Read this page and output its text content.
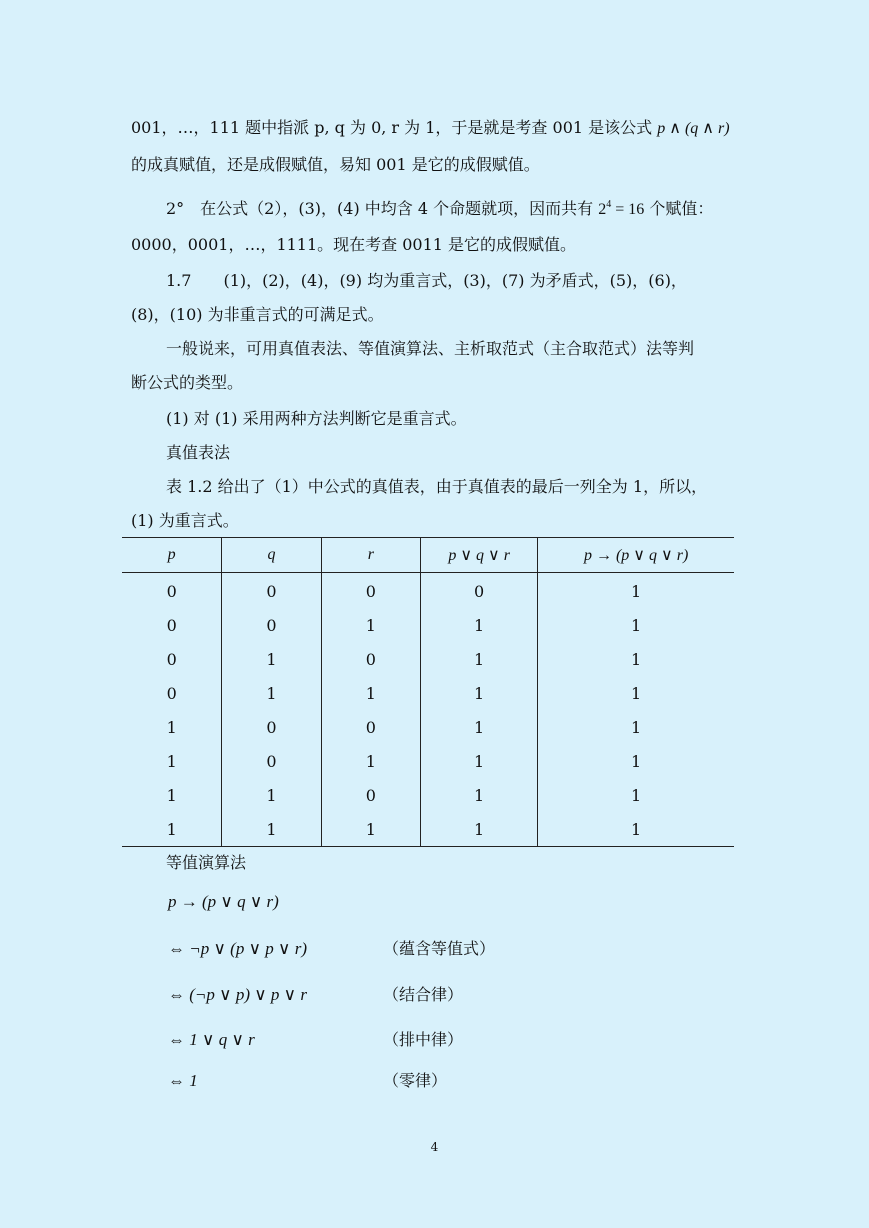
001，…，111 题中指派 p, q 为 0, r 为 1，于是就是考查 001 是该公式 p ∧ (q ∧ r)
的成真赋值，还是成假赋值，易知 001 是它的成假赋值。
2°　在公式（2），(3)，(4) 中均含 4 个命题就项，因而共有 $2^4 = 16$ 个赋值：
0000，0001，…，1111。现在考查 0011 是它的成假赋值。
1.7　　(1)，(2)，(4)，(9) 均为重言式，(3)，(7) 为矛盾式，(5)，(6)，
(8)，(10) 为非重言式的可满足式。
一般说来，可用真值表法、等值演算法、主析取范式（主合取范式）法等判
断公式的类型。
(1) 对 (1) 采用两种方法判断它是重言式。
真值表法
表 1.2 给出了（1）中公式的真值表，由于真值表的最后一列全为 1，所以，
(1) 为重言式。
p	q	r	p ∨ q ∨ r	p → (p ∨ q ∨ r)
0	0	0	0	1
0	0	1	1	1
0	1	0	1	1
0	1	1	1	1
1	0	0	1	1
1	0	1	1	1
1	1	0	1	1
1	1	1	1	1
等值演算法
p → (p ∨ q ∨ r)
⇔ ¬p ∨ (p ∨ p ∨ r)	（蕴含等值式）
⇔ (¬p ∨ p) ∨ p ∨ r	（结合律）
⇔ 1 ∨ q ∨ r	（排中律）
⇔ 1	（零律）
4
